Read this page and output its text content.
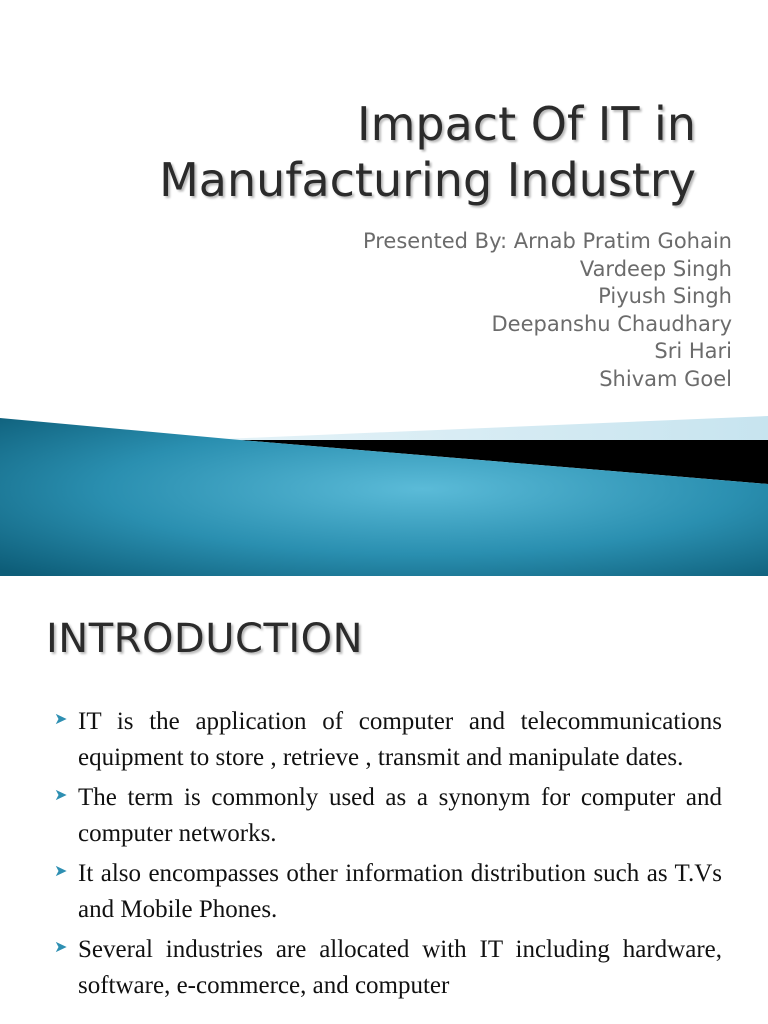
Impact Of IT in
Manufacturing Industry
Presented By: Arnab Pratim Gohain
Vardeep Singh
Piyush Singh
Deepanshu Chaudhary
Sri Hari
Shivam Goel
INTRODUCTION
➤ IT is the application of computer and telecommunications equipment to store , retrieve , transmit and manipulate dates.
➤ The term is commonly used as a synonym for computer and computer networks.
➤ It also encompasses other information distribution such as T.Vs and Mobile Phones.
➤ Several industries are allocated with IT including hardware, software, e-commerce, and computer
